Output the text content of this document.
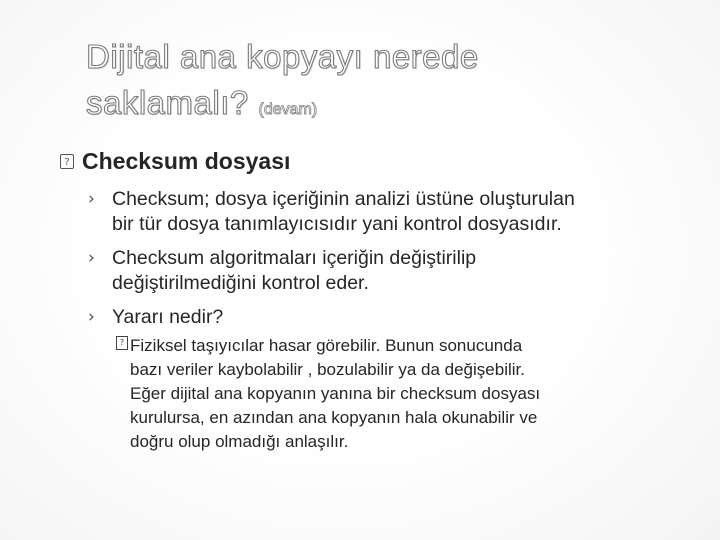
Dijital ana kopyayı nerede
saklamalı? (devam)
? Checksum dosyası
› Checksum; dosya içeriğinin analizi üstüne oluşturulan
bir tür dosya tanımlayıcısıdır yani kontrol dosyasıdır.
› Checksum algoritmaları içeriğin değiştirilip
değiştirilmediğini kontrol eder.
› Yararı nedir?
? Fiziksel taşıyıcılar hasar görebilir. Bunun sonucunda
bazı veriler kaybolabilir , bozulabilir ya da değişebilir.
Eğer dijital ana kopyanın yanına bir checksum dosyası
kurulursa, en azından ana kopyanın hala okunabilir ve
doğru olup olmadığı anlaşılır.
